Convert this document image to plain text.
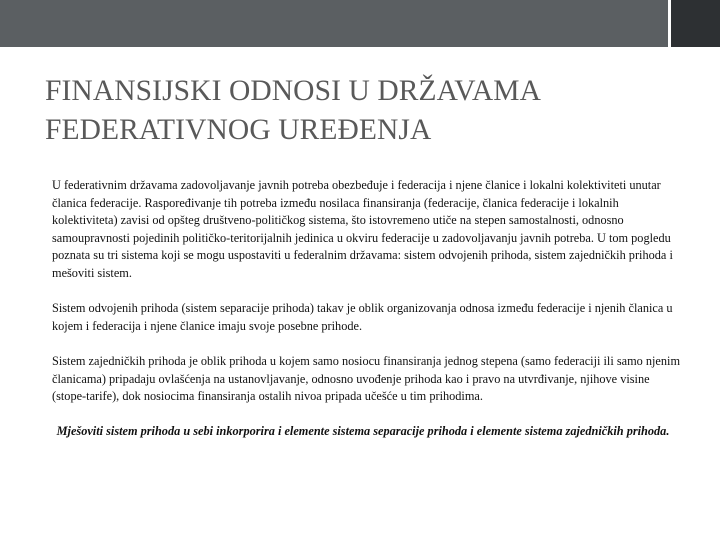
FINANSIJSKI ODNOSI U DRŽAVAMA
FEDERATIVNOG UREĐENJA

U federativnim državama zadovoljavanje javnih potreba obezbeđuje i federacija i njene članice i lokalni kolektiviteti unutar članica federacije. Raspoređivanje tih potreba između nosilaca finansiranja (federacije, članica federacije i lokalnih kolektiviteta) zavisi od opšteg društveno-političkog sistema, što istovremeno utiče na stepen samostalnosti, odnosno samoupravnosti pojedinih političko-teritorijalnih jedinica u okviru federacije u zadovoljavanju javnih potreba. U tom pogledu poznata su tri sistema koji se mogu uspostaviti u federalnim državama: sistem odvojenih prihoda, sistem zajedničkih prihoda i mešoviti sistem.

Sistem odvojenih prihoda (sistem separacije prihoda) takav je oblik organizovanja odnosa između federacije i njenih članica u kojem i federacija i njene članice imaju svoje posebne prihode.

Sistem zajedničkih prihoda je oblik prihoda u kojem samo nosiocu finansiranja jednog stepena (samo federaciji ili samo njenim članicama) pripadaju ovlašćenja na ustanovljavanje, odnosno uvođenje prihoda kao i pravo na utvrđivanje, njihove visine (stope-tarife), dok nosiocima finansiranja ostalih nivoa pripada učešće u tim prihodima.

Mješoviti sistem prihoda u sebi inkorporira i elemente sistema separacije prihoda i elemente sistema zajedničkih prihoda.
